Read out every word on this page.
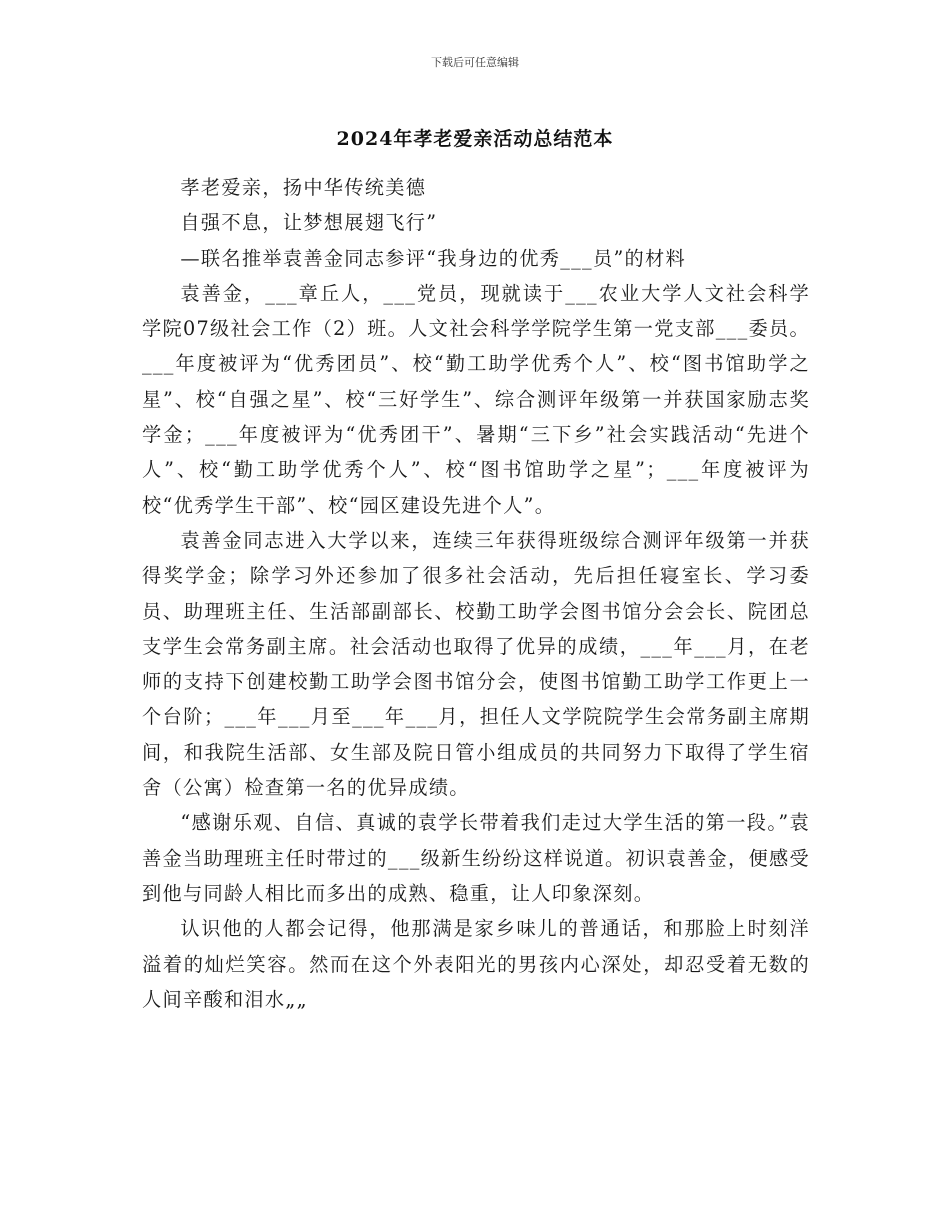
下载后可任意编辑
2024年孝老爱亲活动总结范本

孝老爱亲，扬中华传统美德

自强不息，让梦想展翅飞行”

—联名推举袁善金同志参评“我身边的优秀___员”的材料

袁善金，___章丘人，___党员，现就读于___农业大学人文社会科学学院07级社会工作（2）班。人文社会科学学院学生第一党支部___委员。___年度被评为“优秀团员”、校“勤工助学优秀个人”、校“图书馆助学之星”、校“自强之星”、校“三好学生”、综合测评年级第一并获国家励志奖学金；___年度被评为“优秀团干”、暑期“三下乡”社会实践活动“先进个人”、校“勤工助学优秀个人”、校“图书馆助学之星”；___年度被评为校“优秀学生干部”、校“园区建设先进个人”。

袁善金同志进入大学以来，连续三年获得班级综合测评年级第一并获得奖学金；除学习外还参加了很多社会活动，先后担任寝室长、学习委员、助理班主任、生活部副部长、校勤工助学会图书馆分会会长、院团总支学生会常务副主席。社会活动也取得了优异的成绩，___年___月，在老师的支持下创建校勤工助学会图书馆分会，使图书馆勤工助学工作更上一个台阶；___年___月至___年___月，担任人文学院院学生会常务副主席期间，和我院生活部、女生部及院日管小组成员的共同努力下取得了学生宿舍（公寓）检查第一名的优异成绩。

“感谢乐观、自信、真诚的袁学长带着我们走过大学生活的第一段。”袁善金当助理班主任时带过的___级新生纷纷这样说道。初识袁善金，便感受到他与同龄人相比而多出的成熟、稳重，让人印象深刻。

认识他的人都会记得，他那满是家乡味儿的普通话，和那脸上时刻洋溢着的灿烂笑容。然而在这个外表阳光的男孩内心深处，却忍受着无数的人间辛酸和泪水„„
